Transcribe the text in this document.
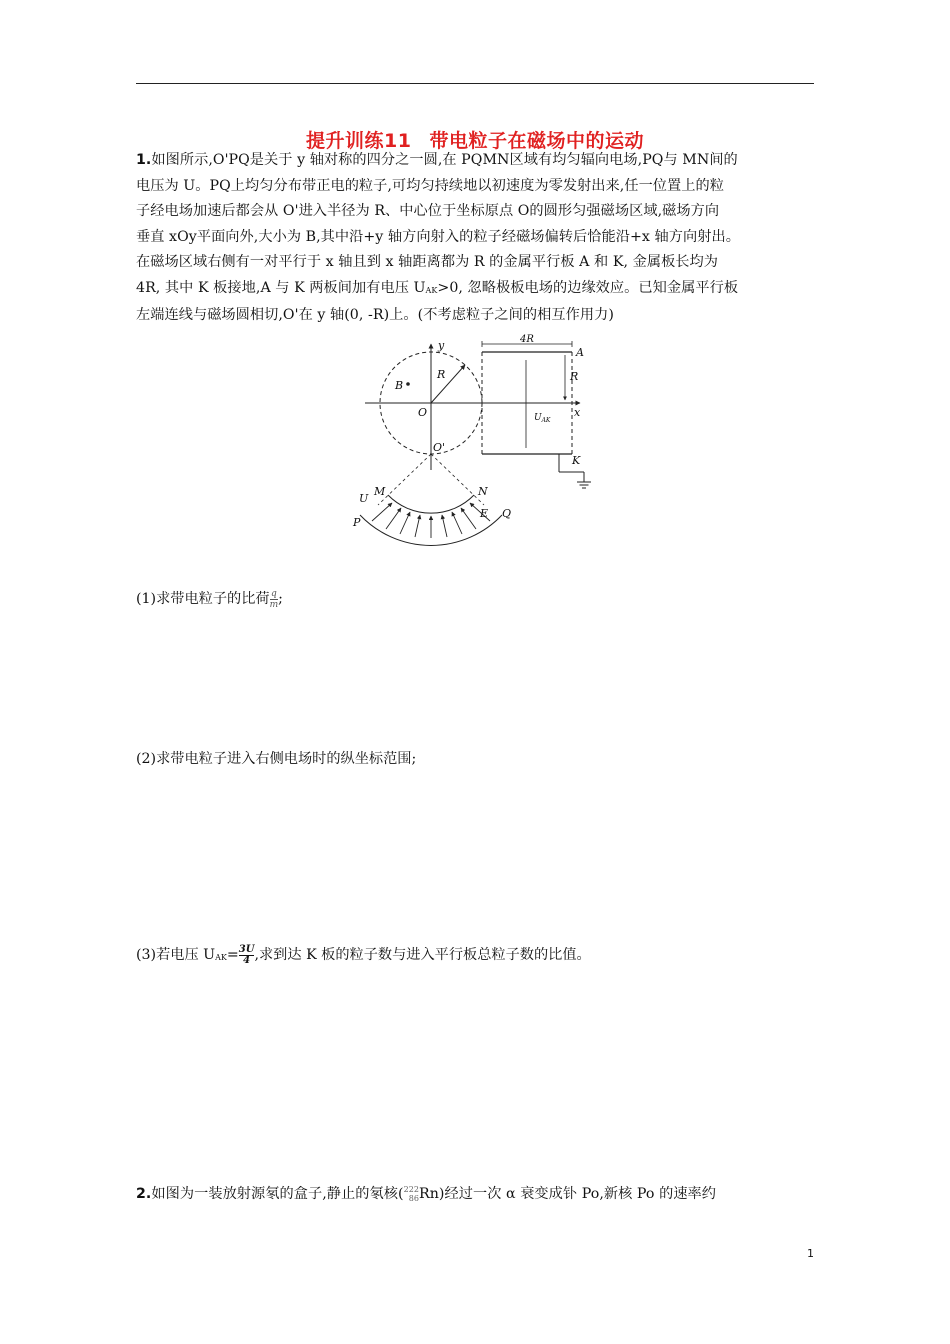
提升训练11 带电粒子在磁场中的运动
1.如图所示,O'PQ是关于 y 轴对称的四分之一圆,在 PQMN区域有均匀辐向电场,PQ与 MN间的
电压为 U。PQ上均匀分布带正电的粒子,可均匀持续地以初速度为零发射出来,任一位置上的粒
子经电场加速后都会从 O'进入半径为 R、中心位于坐标原点 O的圆形匀强磁场区域,磁场方向
垂直 xOy平面向外,大小为 B,其中沿+y 轴方向射入的粒子经磁场偏转后恰能沿+x 轴方向射出。
在磁场区域右侧有一对平行于 x 轴且到 x 轴距离都为 R 的金属平行板 A 和 K, 金属板长均为
4R, 其中 K 板接地,A 与 K 两板间加有电压 UAK>0, 忽略极板电场的边缘效应。已知金属平行板
左端连线与磁场圆相切,O'在 y 轴(0, -R)上。(不考虑粒子之间的相互作用力)
y
x
O
O'
R
B
4R
A
R
$U_{AK}$
K
M	N
U
P
E Q
(1)求带电粒子的比荷 $\frac{q}{m}$ ;
(2)求带电粒子进入右侧电场时的纵坐标范围;
(3)若电压 $UAK= \frac{3U}{4}$ ,求到达 K 板的粒子数与进入平行板总粒子数的比值。
2.如图为一装放射源氡的盒子,静止的氡核( 222
86 Rn)经过一次 α 衰变成钋 Po,新核 Po 的速率约
1
